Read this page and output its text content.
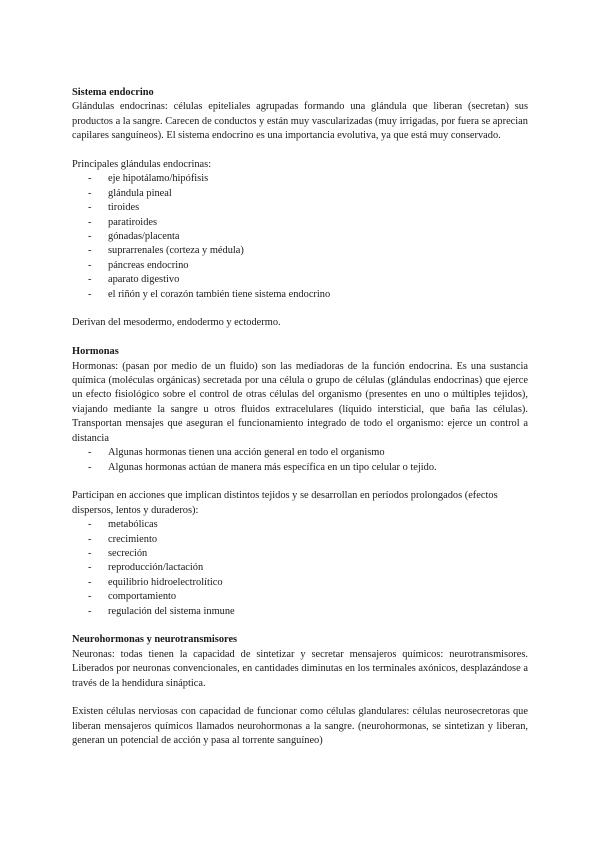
Sistema endocrino

Glándulas endocrinas: células epiteliales agrupadas formando una glándula que liberan (secretan) sus productos a la sangre. Carecen de conductos y están muy vascularizadas (muy irrigadas, por fuera se aprecian capilares sanguíneos). El sistema endocrino es una importancia evolutiva, ya que está muy conservado.

Principales glándulas endocrinas:

- eje hipotálamo/hipófisis
- glándula pineal
- tiroides
- paratiroides
- gónadas/placenta
- suprarrenales (corteza y médula)
- páncreas endocrino
- aparato digestivo
- el riñón y el corazón también tiene sistema endocrino

Derivan del mesodermo, endodermo y ectodermo.

Hormonas

Hormonas: (pasan por medio de un fluido) son las mediadoras de la función endocrina. Es una sustancia química (moléculas orgánicas) secretada por una célula o grupo de células (glándulas endocrinas) que ejerce un efecto fisiológico sobre el control de otras células del organismo (presentes en uno o múltiples tejidos), viajando mediante la sangre u otros fluidos extracelulares (líquido intersticial, que baña las células). Transportan mensajes que aseguran el funcionamiento integrado de todo el organismo: ejerce un control a distancia

- Algunas hormonas tienen una acción general en todo el organismo
- Algunas hormonas actúan de manera más específica en un tipo celular o tejido.

Participan en acciones que implican distintos tejidos y se desarrollan en períodos prolongados (efectos dispersos, lentos y duraderos):

- metabólicas
- crecimiento
- secreción
- reproducción/lactación
- equilibrio hidroelectrolítico
- comportamiento
- regulación del sistema inmune

Neurohormonas y neurotransmisores

Neuronas: todas tienen la capacidad de sintetizar y secretar mensajeros químicos: neurotransmisores. Liberados por neuronas convencionales, en cantidades diminutas en los terminales axónicos, desplazándose a través de la hendidura sináptica.

Existen células nerviosas con capacidad de funcionar como células glandulares: células neurosecretoras que liberan mensajeros químicos llamados neurohormonas a la sangre. (neurohormonas, se sintetizan y liberan, generan un potencial de acción y pasa al torrente sanguíneo)
